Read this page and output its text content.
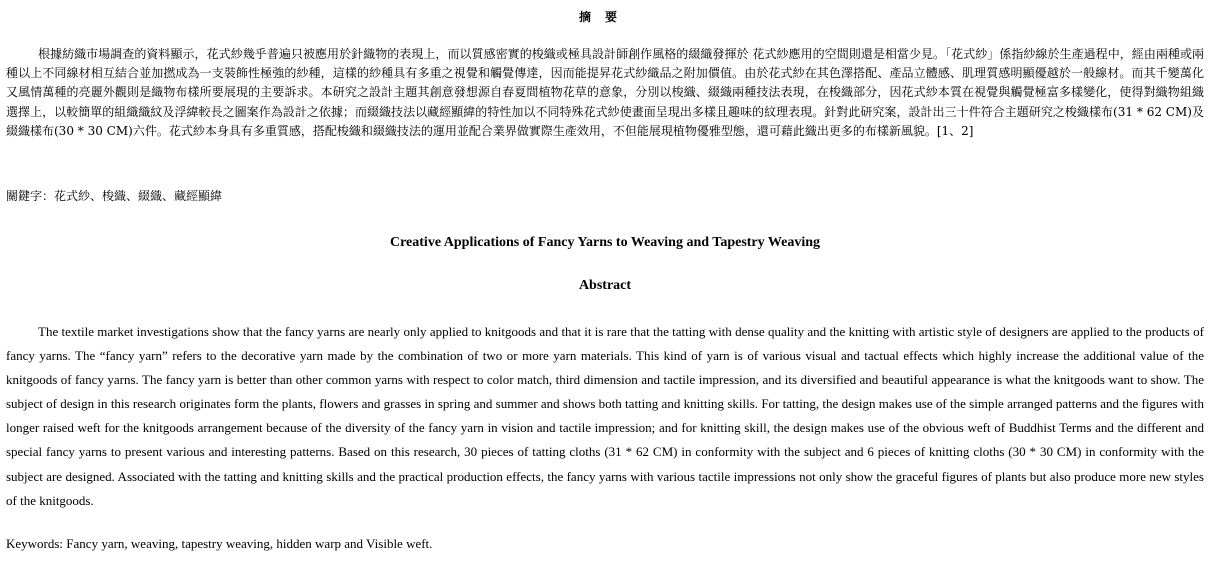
摘要

根據紡織市場調查的資料顯示，花式紗幾乎普遍只被應用於針織物的表現上，而以質感密實的梭織或極具設計師創作風格的綴織發揮於 花式紗應用的空間則還是相當少見。「花式紗」係指紗線於生產過程中，經由兩種或兩種以上不同線材相互結合並加撚成為一支裝飾性極強的紗種，這樣的紗種具有多重之視覺和觸覺傳達，因而能提昇花式紗織品之附加價值。由於花式紗在其色澤搭配、產品立體感、肌理質感明顯優越於一般線材。而其千變萬化又風情萬種的亮麗外觀則是織物布樣所要展現的主要訴求。本研究之設計主題其創意發想源自春夏間植物花草的意象，分別以梭織、綴織兩種技法表現，在梭織部分，因花式紗本質在視覺與觸覺極富多樣變化，使得對織物組織選擇上，以較簡單的組織織紋及浮緯較長之圖案作為設計之依據；而綴織技法以藏經顯緯的特性加以不同特殊花式紗使畫面呈現出多樣且趣味的紋理表現。針對此研究案，設計出三十件符合主題研究之梭織樣布(31 * 62 CM)及綴織樣布(30 * 30 CM)六件。花式紗本身具有多重質感，搭配梭織和綴織技法的運用並配合業界做實際生產效用，不但能展現植物優雅型態，還可藉此織出更多的布樣新風貌。[1、2]

關鍵字：花式紗、梭織、綴織、藏經顯緯

Creative Applications of Fancy Yarns to Weaving and Tapestry Weaving
Abstract

The textile market investigations show that the fancy yarns are nearly only applied to knitgoods and that it is rare that the tatting with dense quality and the knitting with artistic style of designers are applied to the products of fancy yarns. The “fancy yarn” refers to the decorative yarn made by the combination of two or more yarn materials. This kind of yarn is of various visual and tactual effects which highly increase the additional value of the knitgoods of fancy yarns. The fancy yarn is better than other common yarns with respect to color match, third dimension and tactile impression, and its diversified and beautiful appearance is what the knitgoods want to show. The subject of design in this research originates form the plants, flowers and grasses in spring and summer and shows both tatting and knitting skills. For tatting, the design makes use of the simple arranged patterns and the figures with longer raised weft for the knitgoods arrangement because of the diversity of the fancy yarn in vision and tactile impression; and for knitting skill, the design makes use of the obvious weft of Buddhist Terms and the different and special fancy yarns to present various and interesting patterns. Based on this research, 30 pieces of tatting cloths (31 * 62 CM) in conformity with the subject and 6 pieces of knitting cloths (30 * 30 CM) in conformity with the subject are designed. Associated with the tatting and knitting skills and the practical production effects, the fancy yarns with various tactile impressions not only show the graceful figures of plants but also produce more new styles of the knitgoods.

Keywords: Fancy yarn, weaving, tapestry weaving, hidden warp and Visible weft.
